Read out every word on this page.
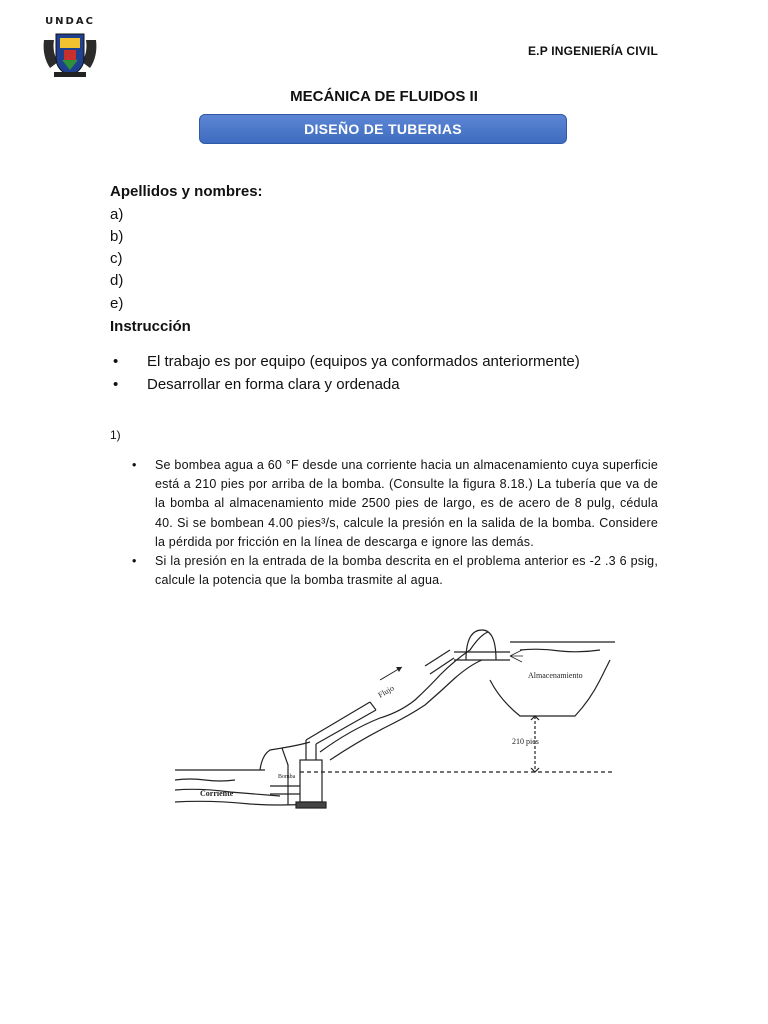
UNDAC
E.P INGENIERÍA CIVIL
MECÁNICA DE FLUIDOS II
DISEÑO DE TUBERIAS
Apellidos y nombres:
a)
b)
c)
d)
e)
Instrucción
• El trabajo es por equipo (equipos ya conformados anteriormente)
• Desarrollar en forma clara y ordenada
1)
• Se bombea agua a 60 °F desde una corriente hacia un almacenamiento cuya superficie está a 210 pies por arriba de la bomba. (Consulte la figura 8.18.) La tubería que va de la bomba al almacenamiento mide 2500 pies de largo, es de acero de 8 pulg, cédula 40. Si se bombean 4.00 pies³/s, calcule la presión en la salida de la bomba. Considere la pérdida por fricción en la línea de descarga e ignore las demás.
• Si la presión en la entrada de la bomba descrita en el problema anterior es -2 .3 6 psig, calcule la potencia que la bomba trasmite al agua.
Almacenamiento
Flujo
210 pies
Corriente
Bomba
